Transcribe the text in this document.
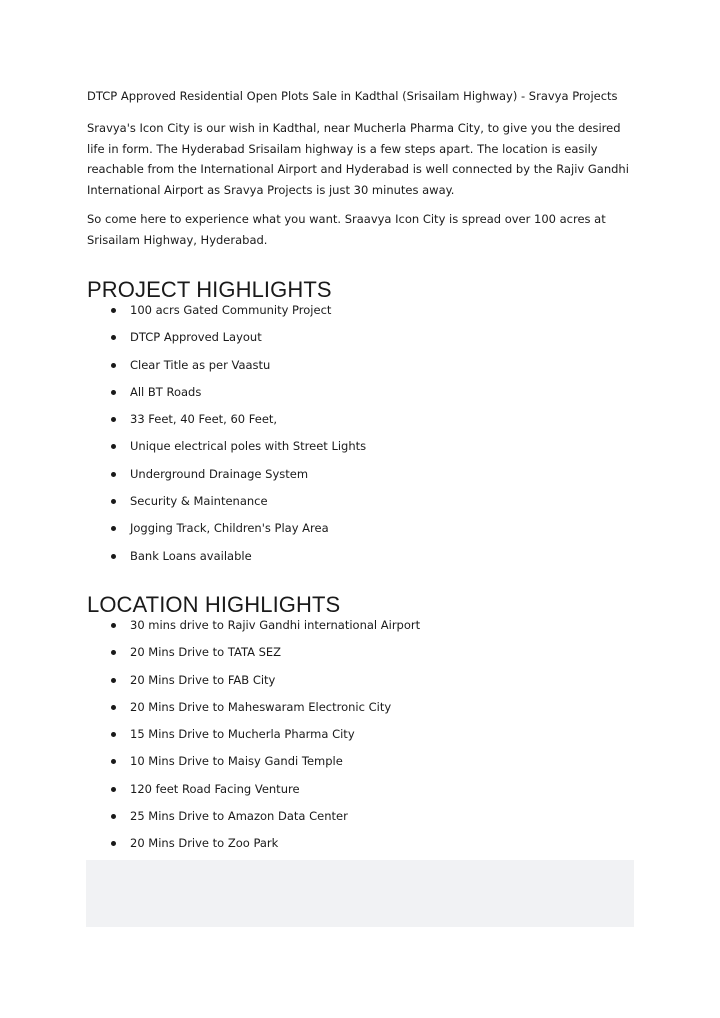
DTCP Approved Residential Open Plots Sale in Kadthal (Srisailam Highway) - Sravya Projects
Sravya's Icon City is our wish in Kadthal, near Mucherla Pharma City, to give you the desired life in form. The Hyderabad Srisailam highway is a few steps apart. The location is easily reachable from the International Airport and Hyderabad is well connected by the Rajiv Gandhi International Airport as Sravya Projects is just 30 minutes away.
So come here to experience what you want. Sraavya Icon City is spread over 100 acres at Srisailam Highway, Hyderabad.
PROJECT HIGHLIGHTS
100 acrs Gated Community Project
DTCP Approved Layout
Clear Title as per Vaastu
All BT Roads
33 Feet, 40 Feet, 60 Feet,
Unique electrical poles with Street Lights
Underground Drainage System
Security & Maintenance
Jogging Track, Children's Play Area
Bank Loans available
LOCATION HIGHLIGHTS
30 mins drive to Rajiv Gandhi international Airport
20 Mins Drive to TATA SEZ
20 Mins Drive to FAB City
20 Mins Drive to Maheswaram Electronic City
15 Mins Drive to Mucherla Pharma City
10 Mins Drive to Maisy Gandi Temple
120 feet Road Facing Venture
25 Mins Drive to Amazon Data Center
20 Mins Drive to Zoo Park
